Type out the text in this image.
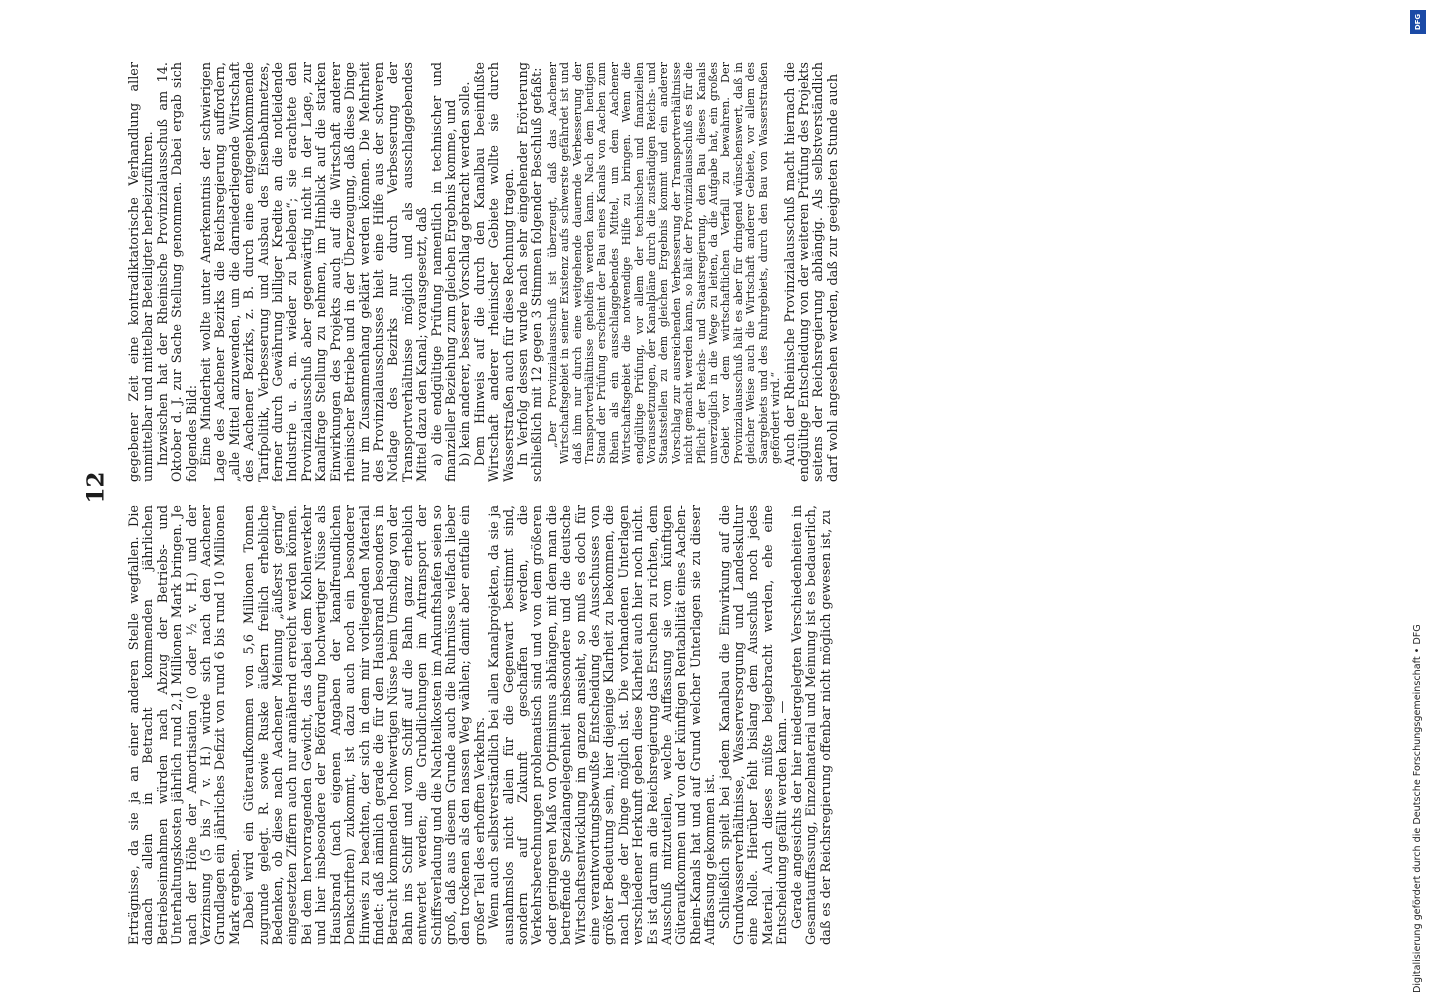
12

Erträgnisse, da sie ja an einer anderen Stelle wegfallen. Die danach allein in Betracht kommenden jährlichen Betriebseinnahmen würden nach Abzug der Betriebs- und Unterhaltungskosten jährlich rund 2,1 Millionen Mark bringen. Je nach der Höhe der Amortisation (0 oder ½ v. H.) und der Verzinsung (5 bis 7 v. H.) würde sich nach den Aachener Grundlagen ein jährliches Defizit von rund 6 bis rund 10 Millionen Mark ergeben. Dabei wird ein Güteraufkommen von 5,6 Millionen Tonnen zugrunde gelegt. R. sowie Ruske äußern freilich erhebliche Bedenken, ob diese nach Aachener Meinung „äußerst gering“ eingesetzten Ziffern auch nur annähernd erreicht werden können. Bei dem hervorragenden Gewicht, das dabei dem Kohlenverkehr und hier insbesondere der Beförderung hochwertiger Nüsse als Hausbrand (nach eigenen Angaben der kanalfreundlichen Denkschriften) zukommt, ist dazu auch noch ein besonderer Hinweis zu beachten, der sich in dem mir vorliegenden Material findet: daß nämlich gerade die für den Hausbrand besonders in Betracht kommenden hochwertigen Nüsse beim Umschlag von der Bahn ins Schiff und vom Schiff auf die Bahn ganz erheblich entwertet werden; die Grubdlichungen im Antransport der Schiffsverladung und die Nachteilkosten im Ankunftshafen seien so groß, daß aus diesem Grunde auch die Ruhrnüsse vielfach lieber den trockenen als den nassen Weg wählen; damit aber entfalle ein großer Teil des erhofften Verkehrs. Wenn auch selbstverständlich bei allen Kanalprojekten, da sie ja ausnahmslos nicht allein für die Gegenwart bestimmt sind, sondern auf Zukunft geschaffen werden, die Verkehrsberechnungen problematisch sind und von dem größeren oder geringeren Maß von Optimismus abhängen, mit dem man die betreffende Spezialangelegenheit insbesondere und die deutsche Wirtschaftsentwicklung im ganzen ansieht, so muß es doch für eine verantwortungsbewußte Entscheidung des Ausschusses von größter Bedeutung sein, hier diejenige Klarheit zu bekommen, die nach Lage der Dinge möglich ist. Die vorhandenen Unterlagen verschiedener Herkunft geben diese Klarheit auch hier noch nicht. Es ist darum an die Reichsregierung das Ersuchen zu richten, dem Ausschuß mitzuteilen, welche Auffassung sie vom künftigen Güteraufkommen und von der künftigen Rentabilität eines Aachen-Rhein-Kanals hat und auf Grund welcher Unterlagen sie zu dieser Auffassung gekommen ist. Schließlich spielt bei jedem Kanalbau die Einwirkung auf die Grundwasserverhältnisse, Wasserversorgung und Landeskultur eine Rolle. Hierüber fehlt bislang dem Ausschuß noch jedes Material. Auch dieses müßte beigebracht werden, ehe eine Entscheidung gefällt werden kann. — Gerade angesichts der hier niedergelegten Verschiedenheiten in Gesamtauffassung, Einzelmaterial und Meinung ist es bedauerlich, daß es der Reichsregierung offenbar nicht möglich gewesen ist, zu

gegebener Zeit eine kontradiktatorische Verhandlung aller unmittelbar und mittelbar Beteiligter herbeizuführen. Inzwischen hat der Rheinische Provinzialausschuß am 14. Oktober d. J. zur Sache Stellung genommen. Dabei ergab sich folgendes Bild: Eine Minderheit wollte unter Anerkenntnis der schwierigen Lage des Aachener Bezirks die Reichsregierung auffordern, „alle Mittel anzuwenden, um die darniederliegende Wirtschaft des Aachener Bezirks, z. B. durch eine entgegenkommende Tarifpolitik, Verbesserung und Ausbau des Eisenbahnnetzes, ferner durch Gewährung billiger Kredite an die notleidende Industrie u. a. m. wieder zu beleben“; sie erachtete den Provinzialausschuß aber gegenwärtig nicht in der Lage, zur Kanalfrage Stellung zu nehmen, im Hinblick auf die starken Einwirkungen des Projekts auch auf die Wirtschaft anderer rheinischer Betriebe und in der Überzeugung, daß diese Dinge nur im Zusammenhang geklärt werden können. Die Mehrheit des Provinzialausschusses hielt eine Hilfe aus der schweren Notlage des Bezirks nur durch Verbesserung der Transportverhältnisse möglich und als ausschlaggebendes Mittel dazu den Kanal; vorausgesetzt, daß a) die endgültige Prüfung namentlich in technischer und finanzieller Beziehung zum gleichen Ergebnis komme, und b) kein anderer, besserer Vorschlag gebracht werden solle. Dem Hinweis auf die durch den Kanalbau beeinflußte Wirtschaft anderer rheinischer Gebiete wollte sie durch Wasserstraßen auch für diese Rechnung tragen. In Verfolg dessen wurde nach sehr eingehender Erörterung schließlich mit 12 gegen 3 Stimmen folgender Beschluß gefaßt: „Der Provinzialausschuß ist überzeugt, daß das Aachener Wirtschaftsgebiet in seiner Existenz aufs schwerste gefährdet ist und daß ihm nur durch eine weitgehende dauernde Verbesserung der Transportverhältnisse geholfen werden kann. Nach dem heutigen Stand der Prüfung erscheint der Bau eines Kanals von Aachen zum Rhein als ein ausschlaggebendes Mittel, um dem Aachener Wirtschaftsgebiet die notwendige Hilfe zu bringen. Wenn die endgültige Prüfung, vor allem der technischen und finanziellen Voraussetzungen, der Kanalpläne durch die zuständigen Reichs- und Staatsstellen zu dem gleichen Ergebnis kommt und ein anderer Vorschlag zur ausreichenden Verbesserung der Transportverhältnisse nicht gemacht werden kann, so hält der Provinzialausschuß es für die Pflicht der Reichs- und Staatsregierung, den Bau dieses Kanals unverzüglich in die Wege zu leiten, da die Aufgabe hat, ein großes Gebiet vor dem wirtschaftlichen Verfall zu bewahren. Der Provinzialausschuß hält es aber für dringend wünschenswert, daß in gleicher Weise auch die Wirtschaft anderer Gebiete, vor allem des Saargebiets und des Ruhrgebiets, durch den Bau von Wasserstraßen gefördert wird.“ Auch der Rheinische Provinzialausschuß macht hiernach die endgültige Entscheidung von der weiteren Prüfung des Projekts seitens der Reichsregierung abhängig. Als selbstverständlich darf wohl angesehen werden, daß zur geeigneten Stunde auch

Digitalisierung gefördert durch die Deutsche Forschungsgemeinschaft • DFG
DFG
